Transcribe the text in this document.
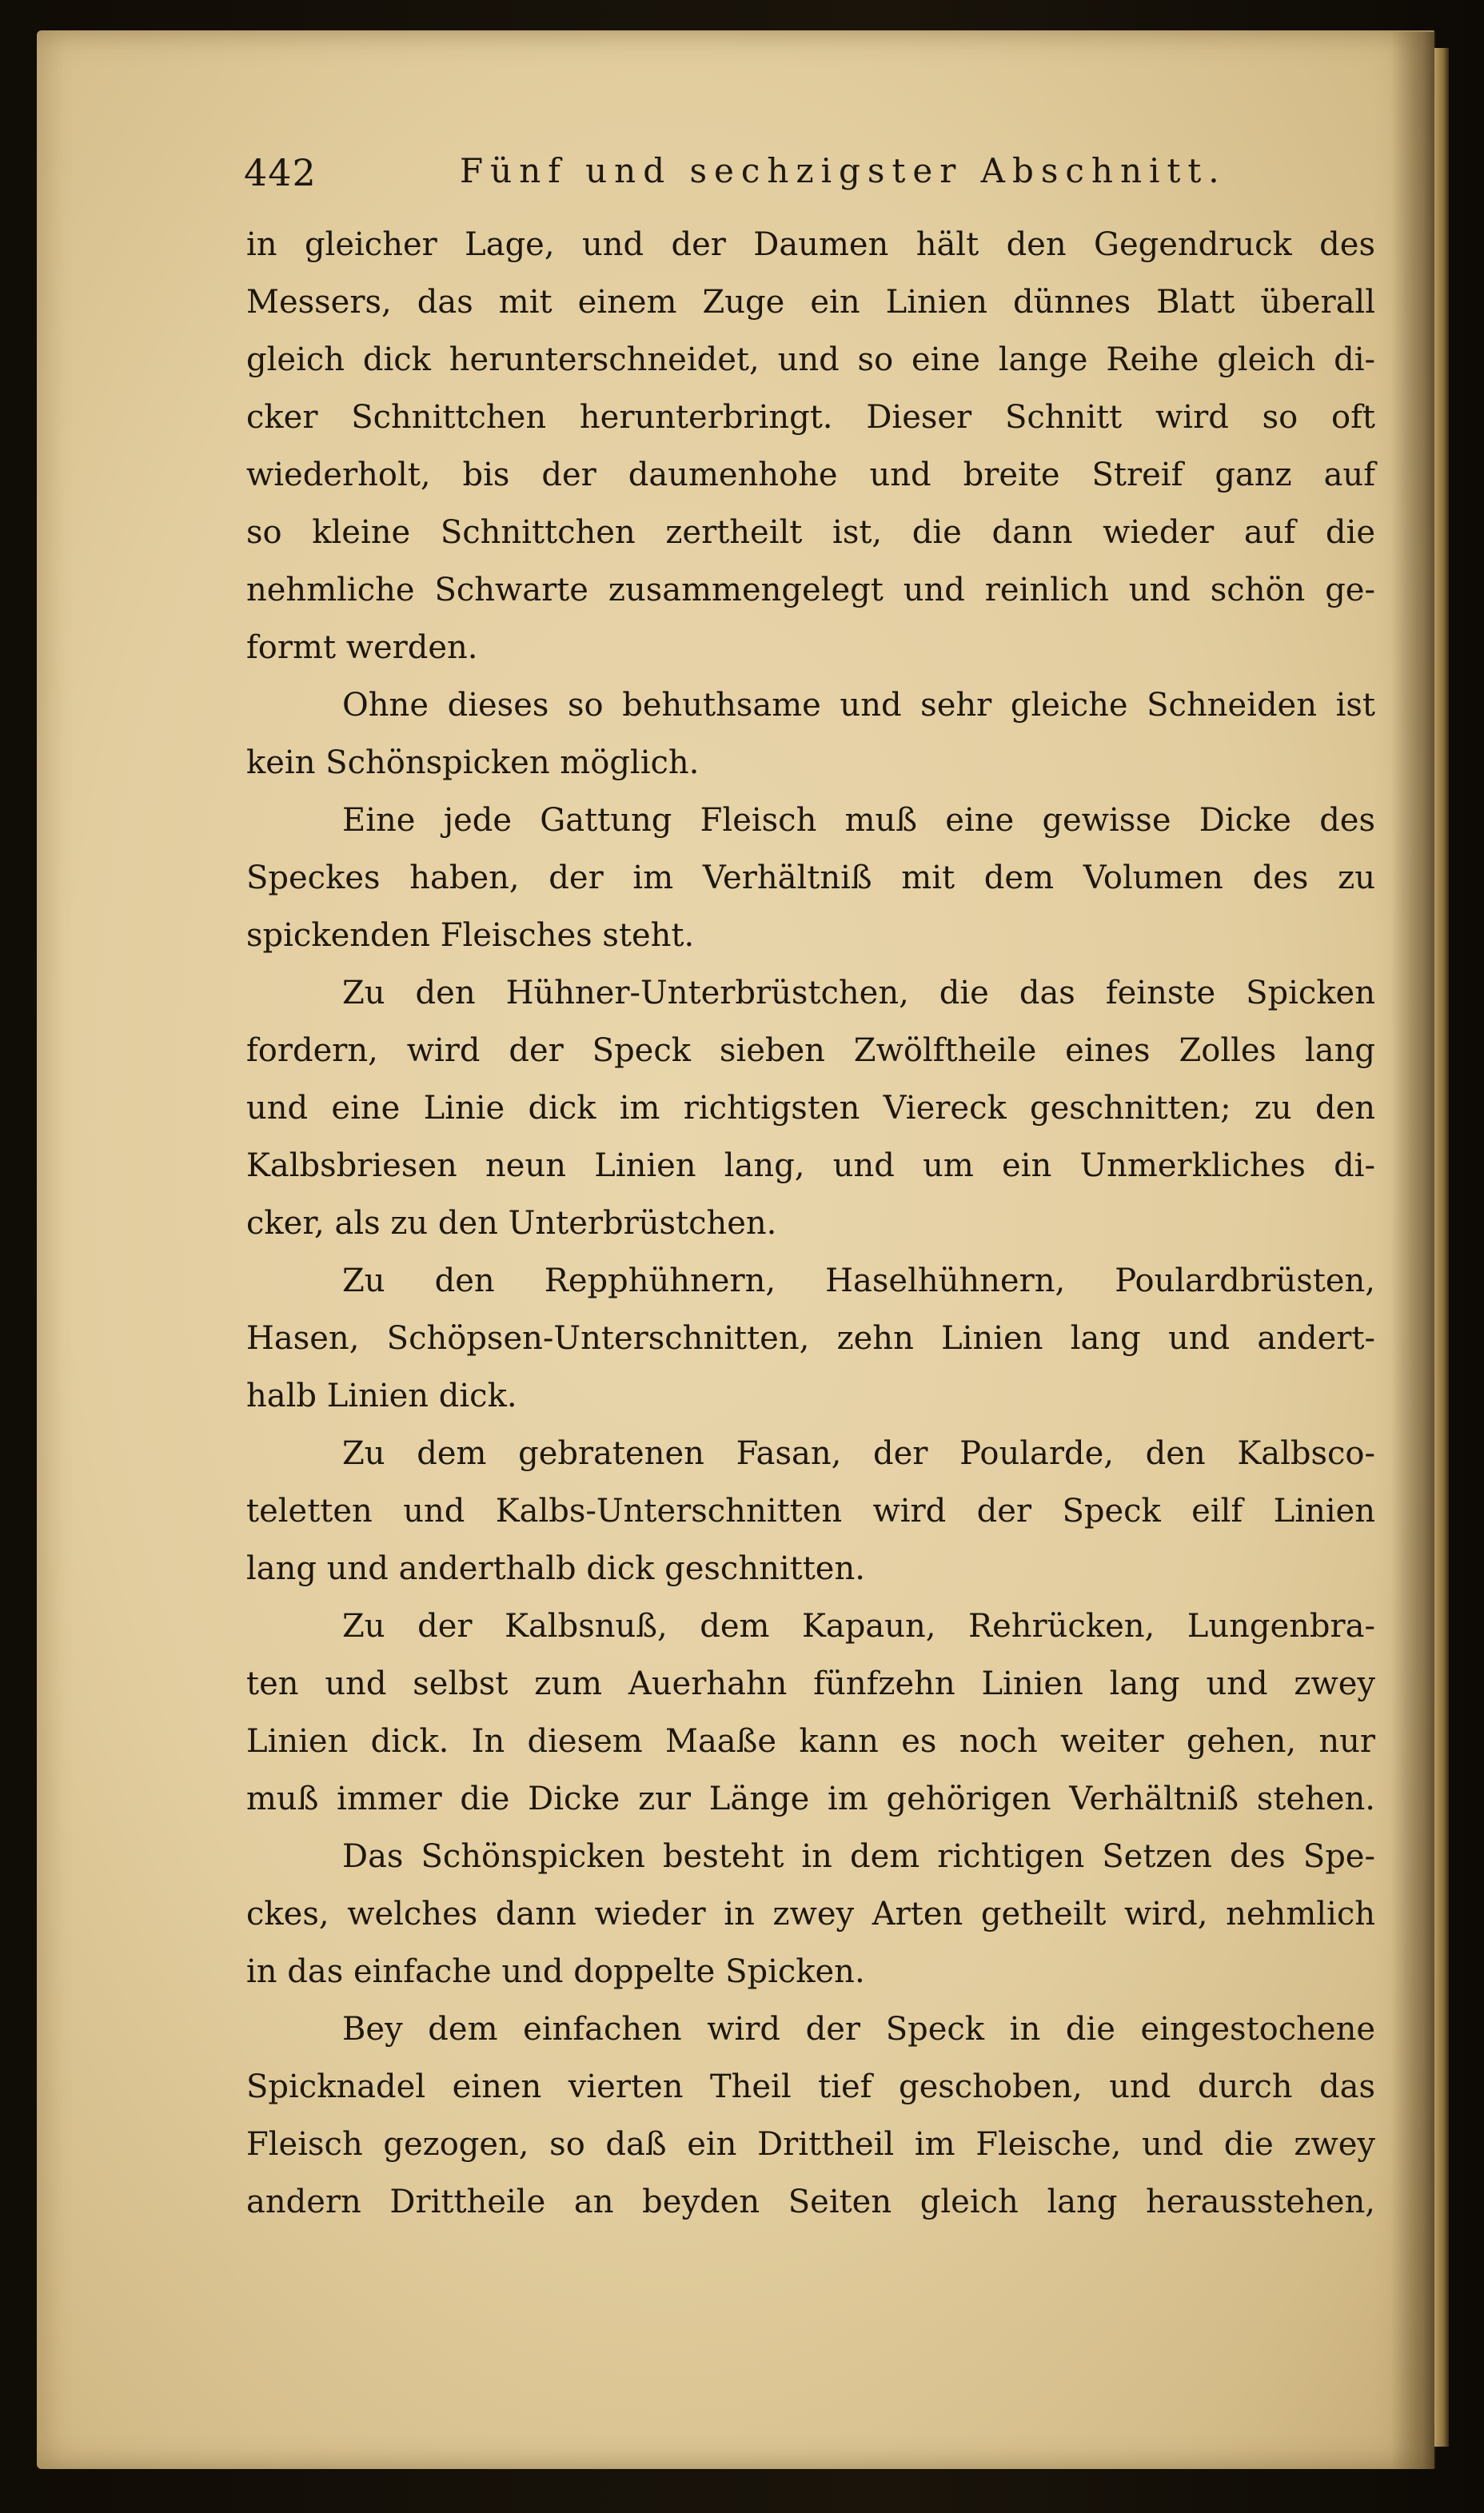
442	Fünf und sechzigster Abschnitt.
in gleicher Lage, und der Daumen hält den Gegendruck des
Messers, das mit einem Zuge ein Linien dünnes Blatt überall
gleich dick herunterschneidet, und so eine lange Reihe gleich di-
cker Schnittchen herunterbringt. Dieser Schnitt wird so oft
wiederholt, bis der daumenhohe und breite Streif ganz auf
so kleine Schnittchen zertheilt ist, die dann wieder auf die
nehmliche Schwarte zusammengelegt und reinlich und schön ge-
formt werden.
Ohne dieses so behuthsame und sehr gleiche Schneiden ist
kein Schönspicken möglich.
Eine jede Gattung Fleisch muß eine gewisse Dicke des
Speckes haben, der im Verhältniß mit dem Volumen des zu
spickenden Fleisches steht.
Zu den Hühner-Unterbrüstchen, die das feinste Spicken
fordern, wird der Speck sieben Zwölftheile eines Zolles lang
und eine Linie dick im richtigsten Viereck geschnitten; zu den
Kalbsbriesen neun Linien lang, und um ein Unmerkliches di-
cker, als zu den Unterbrüstchen.
Zu den Repphühnern, Haselhühnern, Poulardbrüsten,
Hasen, Schöpsen-Unterschnitten, zehn Linien lang und andert-
halb Linien dick.
Zu dem gebratenen Fasan, der Poularde, den Kalbsco-
teletten und Kalbs-Unterschnitten wird der Speck eilf Linien
lang und anderthalb dick geschnitten.
Zu der Kalbsnuß, dem Kapaun, Rehrücken, Lungenbra-
ten und selbst zum Auerhahn fünfzehn Linien lang und zwey
Linien dick. In diesem Maaße kann es noch weiter gehen, nur
muß immer die Dicke zur Länge im gehörigen Verhältniß stehen.
Das Schönspicken besteht in dem richtigen Setzen des Spe-
ckes, welches dann wieder in zwey Arten getheilt wird, nehmlich
in das einfache und doppelte Spicken.
Bey dem einfachen wird der Speck in die eingestochene
Spicknadel einen vierten Theil tief geschoben, und durch das
Fleisch gezogen, so daß ein Drittheil im Fleische, und die zwey
andern Drittheile an beyden Seiten gleich lang herausstehen,
